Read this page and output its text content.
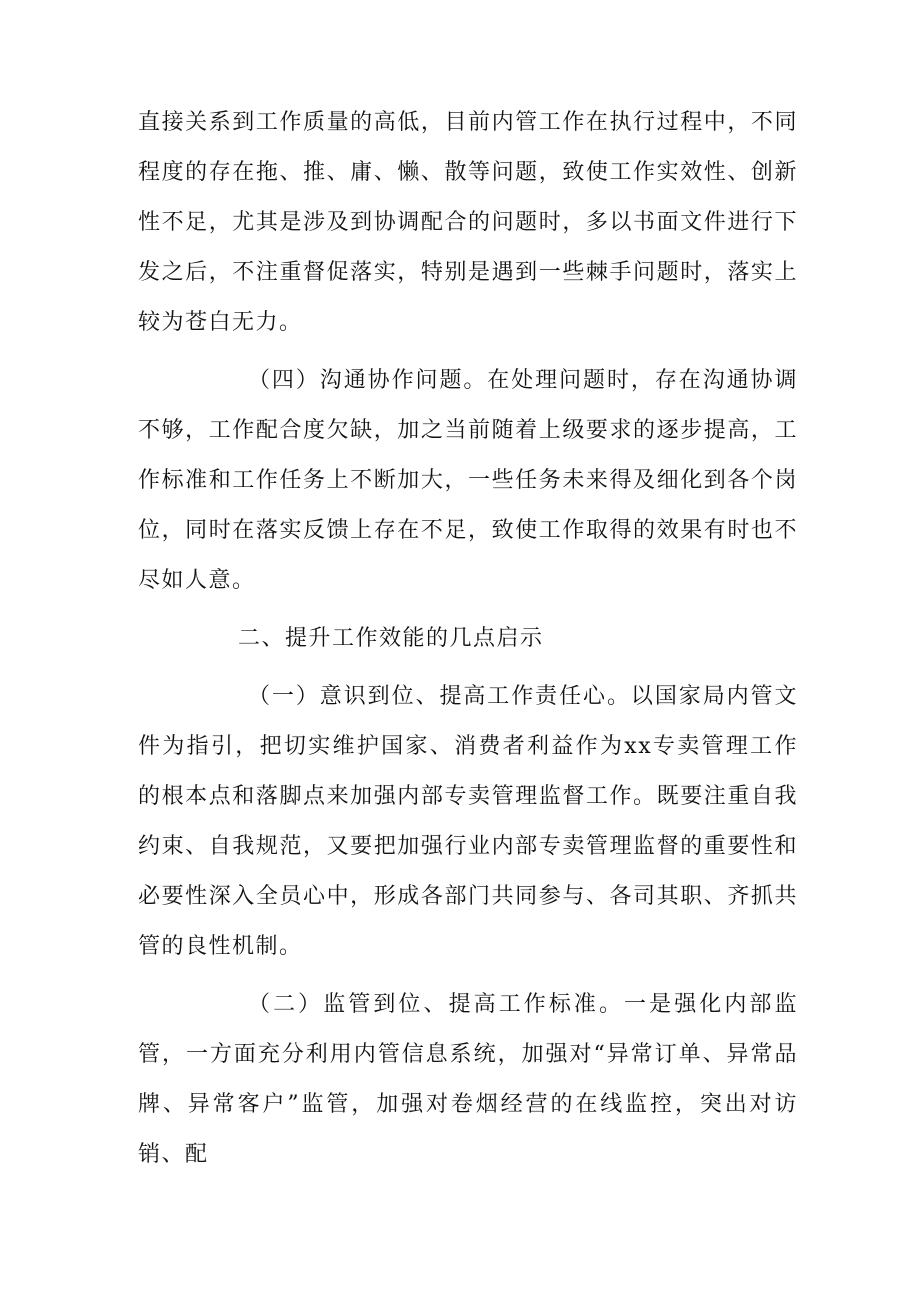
直接关系到工作质量的高低，目前内管工作在执行过程中，不同程度的存在拖、推、庸、懒、散等问题，致使工作实效性、创新性不足，尤其是涉及到协调配合的问题时，多以书面文件进行下发之后，不注重督促落实，特别是遇到一些棘手问题时，落实上较为苍白无力。

（四）沟通协作问题。在处理问题时，存在沟通协调不够，工作配合度欠缺，加之当前随着上级要求的逐步提高，工作标准和工作任务上不断加大，一些任务未来得及细化到各个岗位，同时在落实反馈上存在不足，致使工作取得的效果有时也不尽如人意。

二、提升工作效能的几点启示

（一）意识到位、提高工作责任心。以国家局内管文件为指引，把切实维护国家、消费者利益作为xx专卖管理工作的根本点和落脚点来加强内部专卖管理监督工作。既要注重自我约束、自我规范，又要把加强行业内部专卖管理监督的重要性和必要性深入全员心中，形成各部门共同参与、各司其职、齐抓共管的良性机制。

（二）监管到位、提高工作标准。一是强化内部监管，一方面充分利用内管信息系统，加强对“异常订单、异常品牌、异常客户”监管，加强对卷烟经营的在线监控，突出对访销、配
